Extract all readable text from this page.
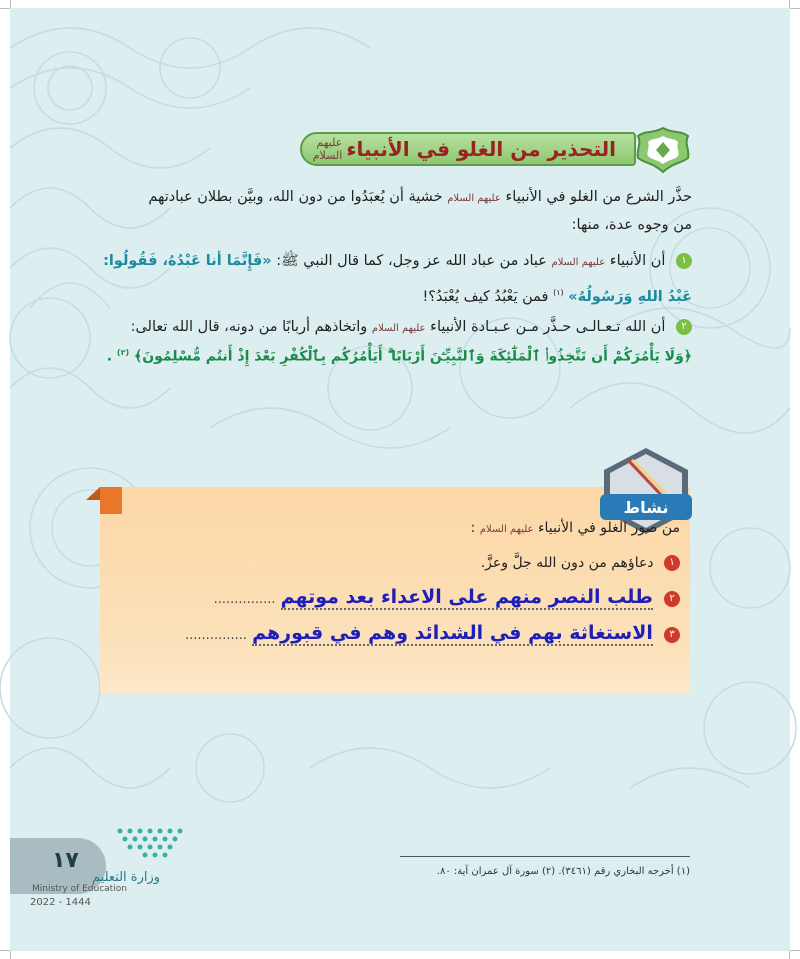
التحذير من الغلو في الأنبياء
عليهم السلام
حذَّر الشرع من الغلو في الأنبياء عليهم السلام خشية أن يُعبَدُوا من دون الله، وبيَّن بطلان عبادتهم
من وجوه عدة، منها:
١ أن الأنبياء عليهم السلام عباد من عباد الله عز وجل، كما قال النبي ﷺ: «فَإِنَّمَا أنا عَبْدُهُ، فَقُولُوا:
عَبْدُ اللهِ وَرَسُولُهُ» $^{(١)}$ فمن يَعْبُدُ كيف يُعْبَدُ؟!
٢ أن الله تـعـالـى حـذَّر مـن عـبـادة الأنبياء عليهم السلام واتخاذهم أربابًا من دونه، قال الله تعالى:
﴿وَلَا يَأْمُرَكُمْ أَن تَتَّخِذُوا۟ ٱلْمَلَٰٓئِكَةَ وَٱلنَّبِيِّـۧنَ أَرْبَابًا ۗ أَيَأْمُرُكُم بِٱلْكُفْرِ بَعْدَ إِذْ أَنتُم مُّسْلِمُونَ﴾ $^{(٢)}$ .
نشاط
من صور الغلو في الأنبياء عليهم السلام :
١ دعاؤهم من دون الله جلَّ وعزَّ.
٢ طلب النصر منهم على الاعداء بعد موتهم ...............
٣ الاستغاثة بهم في الشدائد وهم في قبورهم ...............
١٧
وزارة التعليم
Ministry of Education
2022 - 1444
(١) أخرجه البخاري رقم (٣٤٦١). (٢) سورة آل عمران آية: ٨٠.
